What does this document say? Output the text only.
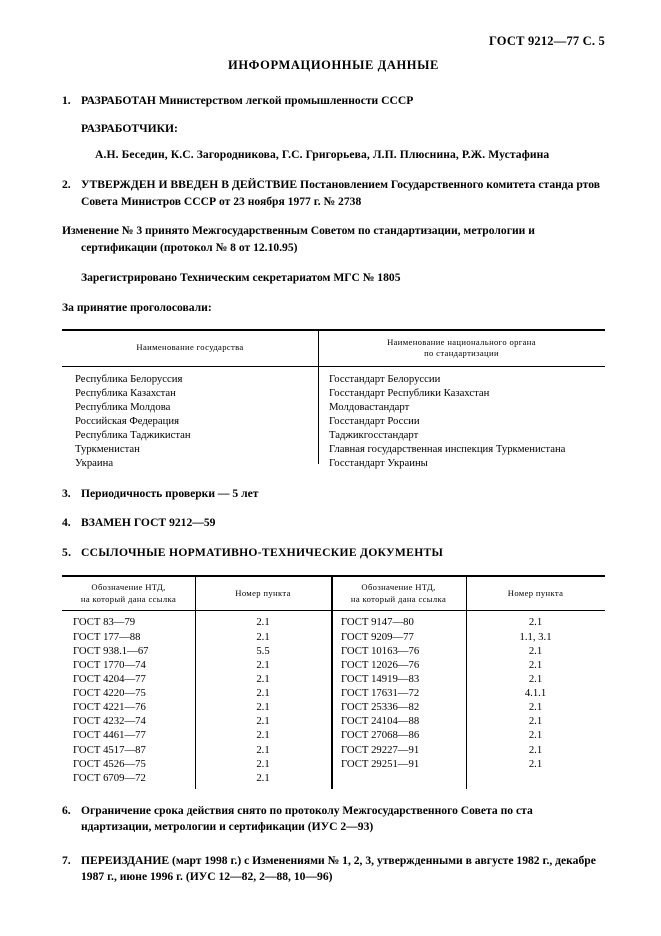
ГОСТ 9212—77 С. 5
ИНФОРМАЦИОННЫЕ ДАННЫЕ
1. РАЗРАБОТАН Министерством легкой промышленности СССР
РАЗРАБОТЧИКИ:
А.Н. Беседин, К.С. Загородникова, Г.С. Григорьева, Л.П. Плюснина, Р.Ж. Мустафина
2. УТВЕРЖДЕН И ВВЕДЕН В ДЕЙСТВИЕ Постановлением Государственного комитета станда ртов Совета Министров СССР от 23 ноября 1977 г. № 2738
Изменение № 3 принято Межгосударственным Советом по стандартизации, метрологии и сертификации (протокол № 8 от 12.10.95)
Зарегистрировано Техническим секретариатом МГС № 1805
За принятие проголосовали:
Наименование государства
Наименование национального органа
по стандартизации
Республика Белоруссия
Республика Казахстан
Республика Молдова
Российская Федерация
Республика Таджикистан
Туркменистан
Украина
Госстандарт Белоруссии
Госстандарт Республики Казахстан
Молдовастандарт
Госстандарт России
Таджикгосстандарт
Главная государственная инспекция Туркменистана
Госстандарт Украины
3. Периодичность проверки — 5 лет
4. ВЗАМЕН ГОСТ 9212—59
5. ССЫЛОЧНЫЕ НОРМАТИВНО-ТЕХНИЧЕСКИЕ ДОКУМЕНТЫ
Обозначение НТД,
на который дана ссылка
Номер пункта
Обозначение НТД,
на который дана ссылка
Номер пункта
ГОСТ 83—79
ГОСТ 177—88
ГОСТ 938.1—67
ГОСТ 1770—74
ГОСТ 4204—77
ГОСТ 4220—75
ГОСТ 4221—76
ГОСТ 4232—74
ГОСТ 4461—77
ГОСТ 4517—87
ГОСТ 4526—75
ГОСТ 6709—72
2.1
2.1
5.5
2.1
2.1
2.1
2.1
2.1
2.1
2.1
2.1
2.1
ГОСТ 9147—80
ГОСТ 9209—77
ГОСТ 10163—76
ГОСТ 12026—76
ГОСТ 14919—83
ГОСТ 17631—72
ГОСТ 25336—82
ГОСТ 24104—88
ГОСТ 27068—86
ГОСТ 29227—91
ГОСТ 29251—91
2.1
1.1, 3.1
2.1
2.1
2.1
4.1.1
2.1
2.1
2.1
2.1
2.1
6. Ограничение срока действия снято по протоколу Межгосударственного Совета по ста ндартизации, метрологии и сертификации (ИУС 2—93)
7. ПЕРЕИЗДАНИЕ (март 1998 г.) с Изменениями № 1, 2, 3, утвержденными в августе 1982 г., декабре 1987 г., июне 1996 г. (ИУС 12—82, 2—88, 10—96)
